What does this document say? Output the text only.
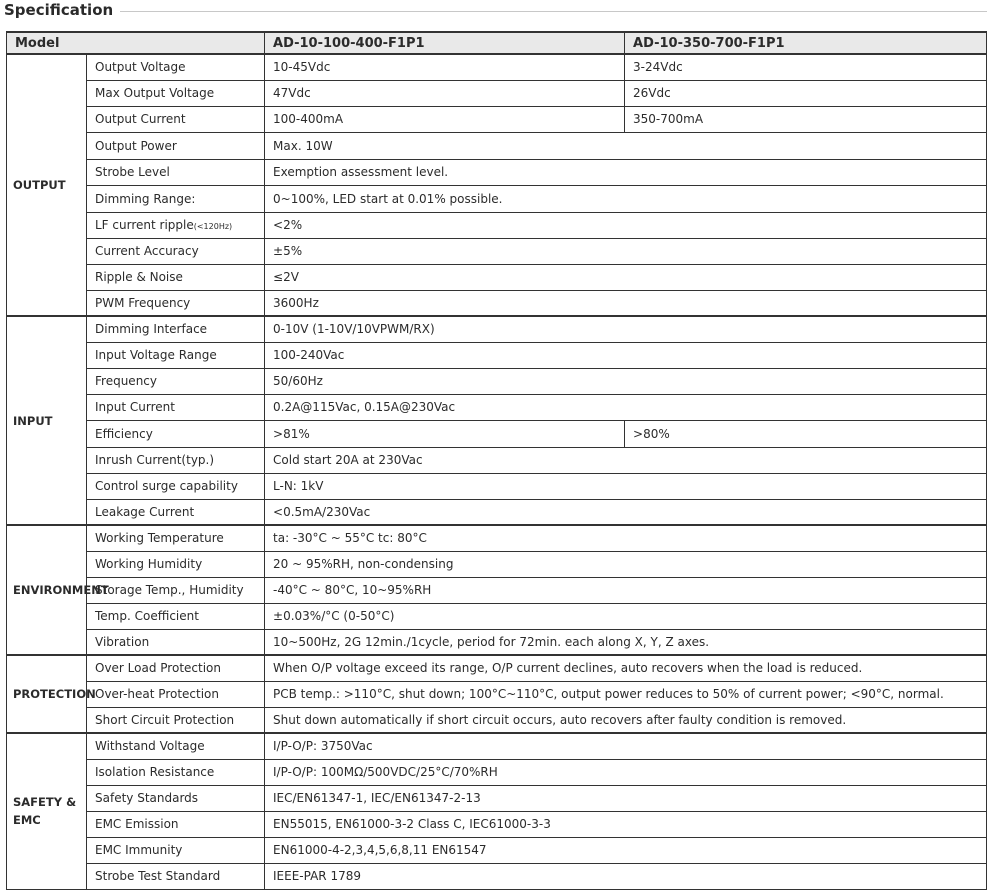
Specification
Model		AD-10-100-400-F1P1	AD-10-350-700-F1P1
OUTPUT	Output Voltage	10-45Vdc	3-24Vdc
	Max Output Voltage	47Vdc	26Vdc
	Output Current	100-400mA	350-700mA
	Output Power	Max. 10W	
	Strobe Level	Exemption assessment level.	
	Dimming Range:	0~100%, LED start at 0.01% possible.	
	LF current ripple(<120Hz)	<2%	
	Current Accuracy	±5%	
	Ripple & Noise	≤2V	
	PWM Frequency	3600Hz	
INPUT	Dimming Interface	0-10V (1-10V/10VPWM/RX)	
	Input Voltage Range	100-240Vac	
	Frequency	50/60Hz	
	Input Current	0.2A@115Vac, 0.15A@230Vac	
	Efficiency	>81%	>80%
	Inrush Current(typ.)	Cold start 20A at 230Vac	
	Control surge capability	L-N: 1kV	
	Leakage Current	<0.5mA/230Vac	
ENVIRONMENT	Working Temperature	ta: -30°C ~ 55°C tc: 80°C	
	Working Humidity	20 ~ 95%RH, non-condensing	
	Storage Temp., Humidity	-40°C ~ 80°C, 10~95%RH	
	Temp. Coefficient	±0.03%/°C (0-50°C)	
	Vibration	10~500Hz, 2G 12min./1cycle, period for 72min. each along X, Y, Z axes.	
PROTECTION	Over Load Protection	When O/P voltage exceed its range, O/P current declines, auto recovers when the load is reduced.	
	Over-heat Protection	PCB temp.: >110°C, shut down; 100°C~110°C, output power reduces to 50% of current power; <90°C, normal.	
	Short Circuit Protection	Shut down automatically if short circuit occurs, auto recovers after faulty condition is removed.	
SAFETY & EMC	Withstand Voltage	I/P-O/P: 3750Vac	
	Isolation Resistance	I/P-O/P: 100MΩ/500VDC/25°C/70%RH	
	Safety Standards	IEC/EN61347-1, IEC/EN61347-2-13	
	EMC Emission	EN55015, EN61000-3-2 Class C, IEC61000-3-3	
	EMC Immunity	EN61000-4-2,3,4,5,6,8,11 EN61547	
	Strobe Test Standard	IEEE-PAR 1789	
